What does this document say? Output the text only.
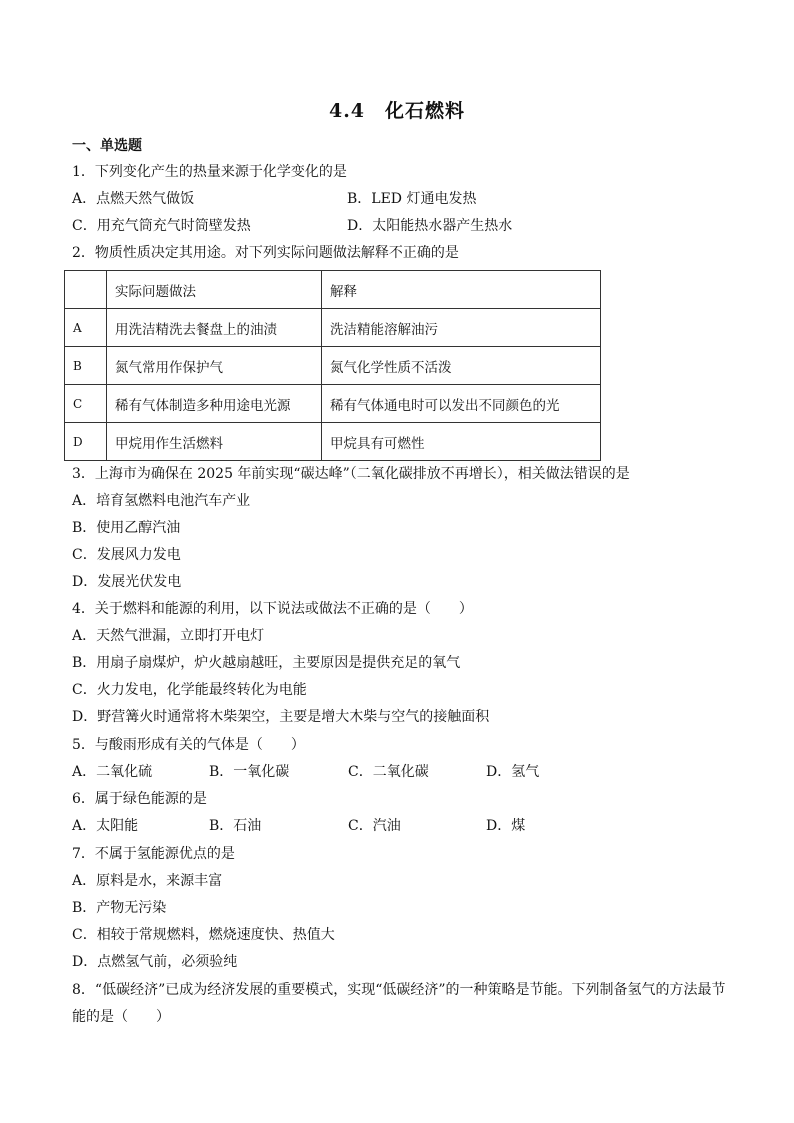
4.4　化石燃料
一、单选题
1．下列变化产生的热量来源于化学变化的是
A．点燃天然气做饭	B．LED 灯通电发热
C．用充气筒充气时筒壁发热	D．太阳能热水器产生热水
2．物质性质决定其用途。对下列实际问题做法解释不正确的是
	实际问题做法	解释
A	用洗洁精洗去餐盘上的油渍	洗洁精能溶解油污
B	氮气常用作保护气	氮气化学性质不活泼
C	稀有气体制造多种用途电光源	稀有气体通电时可以发出不同颜色的光
D	甲烷用作生活燃料	甲烷具有可燃性
3．上海市为确保在 2025 年前实现“碳达峰”（二氧化碳排放不再增长），相关做法错误的是
A．培育氢燃料电池汽车产业
B．使用乙醇汽油
C．发展风力发电
D．发展光伏发电
4．关于燃料和能源的利用，以下说法或做法不正确的是（　　）
A．天然气泄漏，立即打开电灯
B．用扇子扇煤炉，炉火越扇越旺，主要原因是提供充足的氧气
C．火力发电，化学能最终转化为电能
D．野营篝火时通常将木柴架空，主要是增大木柴与空气的接触面积
5．与酸雨形成有关的气体是（　　）
A．二氧化硫	B．一氧化碳	C．二氧化碳	D．氢气
6．属于绿色能源的是
A．太阳能	B．石油	C．汽油	D．煤
7．不属于氢能源优点的是
A．原料是水，来源丰富
B．产物无污染
C．相较于常规燃料，燃烧速度快、热值大
D．点燃氢气前，必须验纯
8．“低碳经济”已成为经济发展的重要模式，实现“低碳经济”的一种策略是节能。下列制备氢气的方法最节
能的是（　　）
